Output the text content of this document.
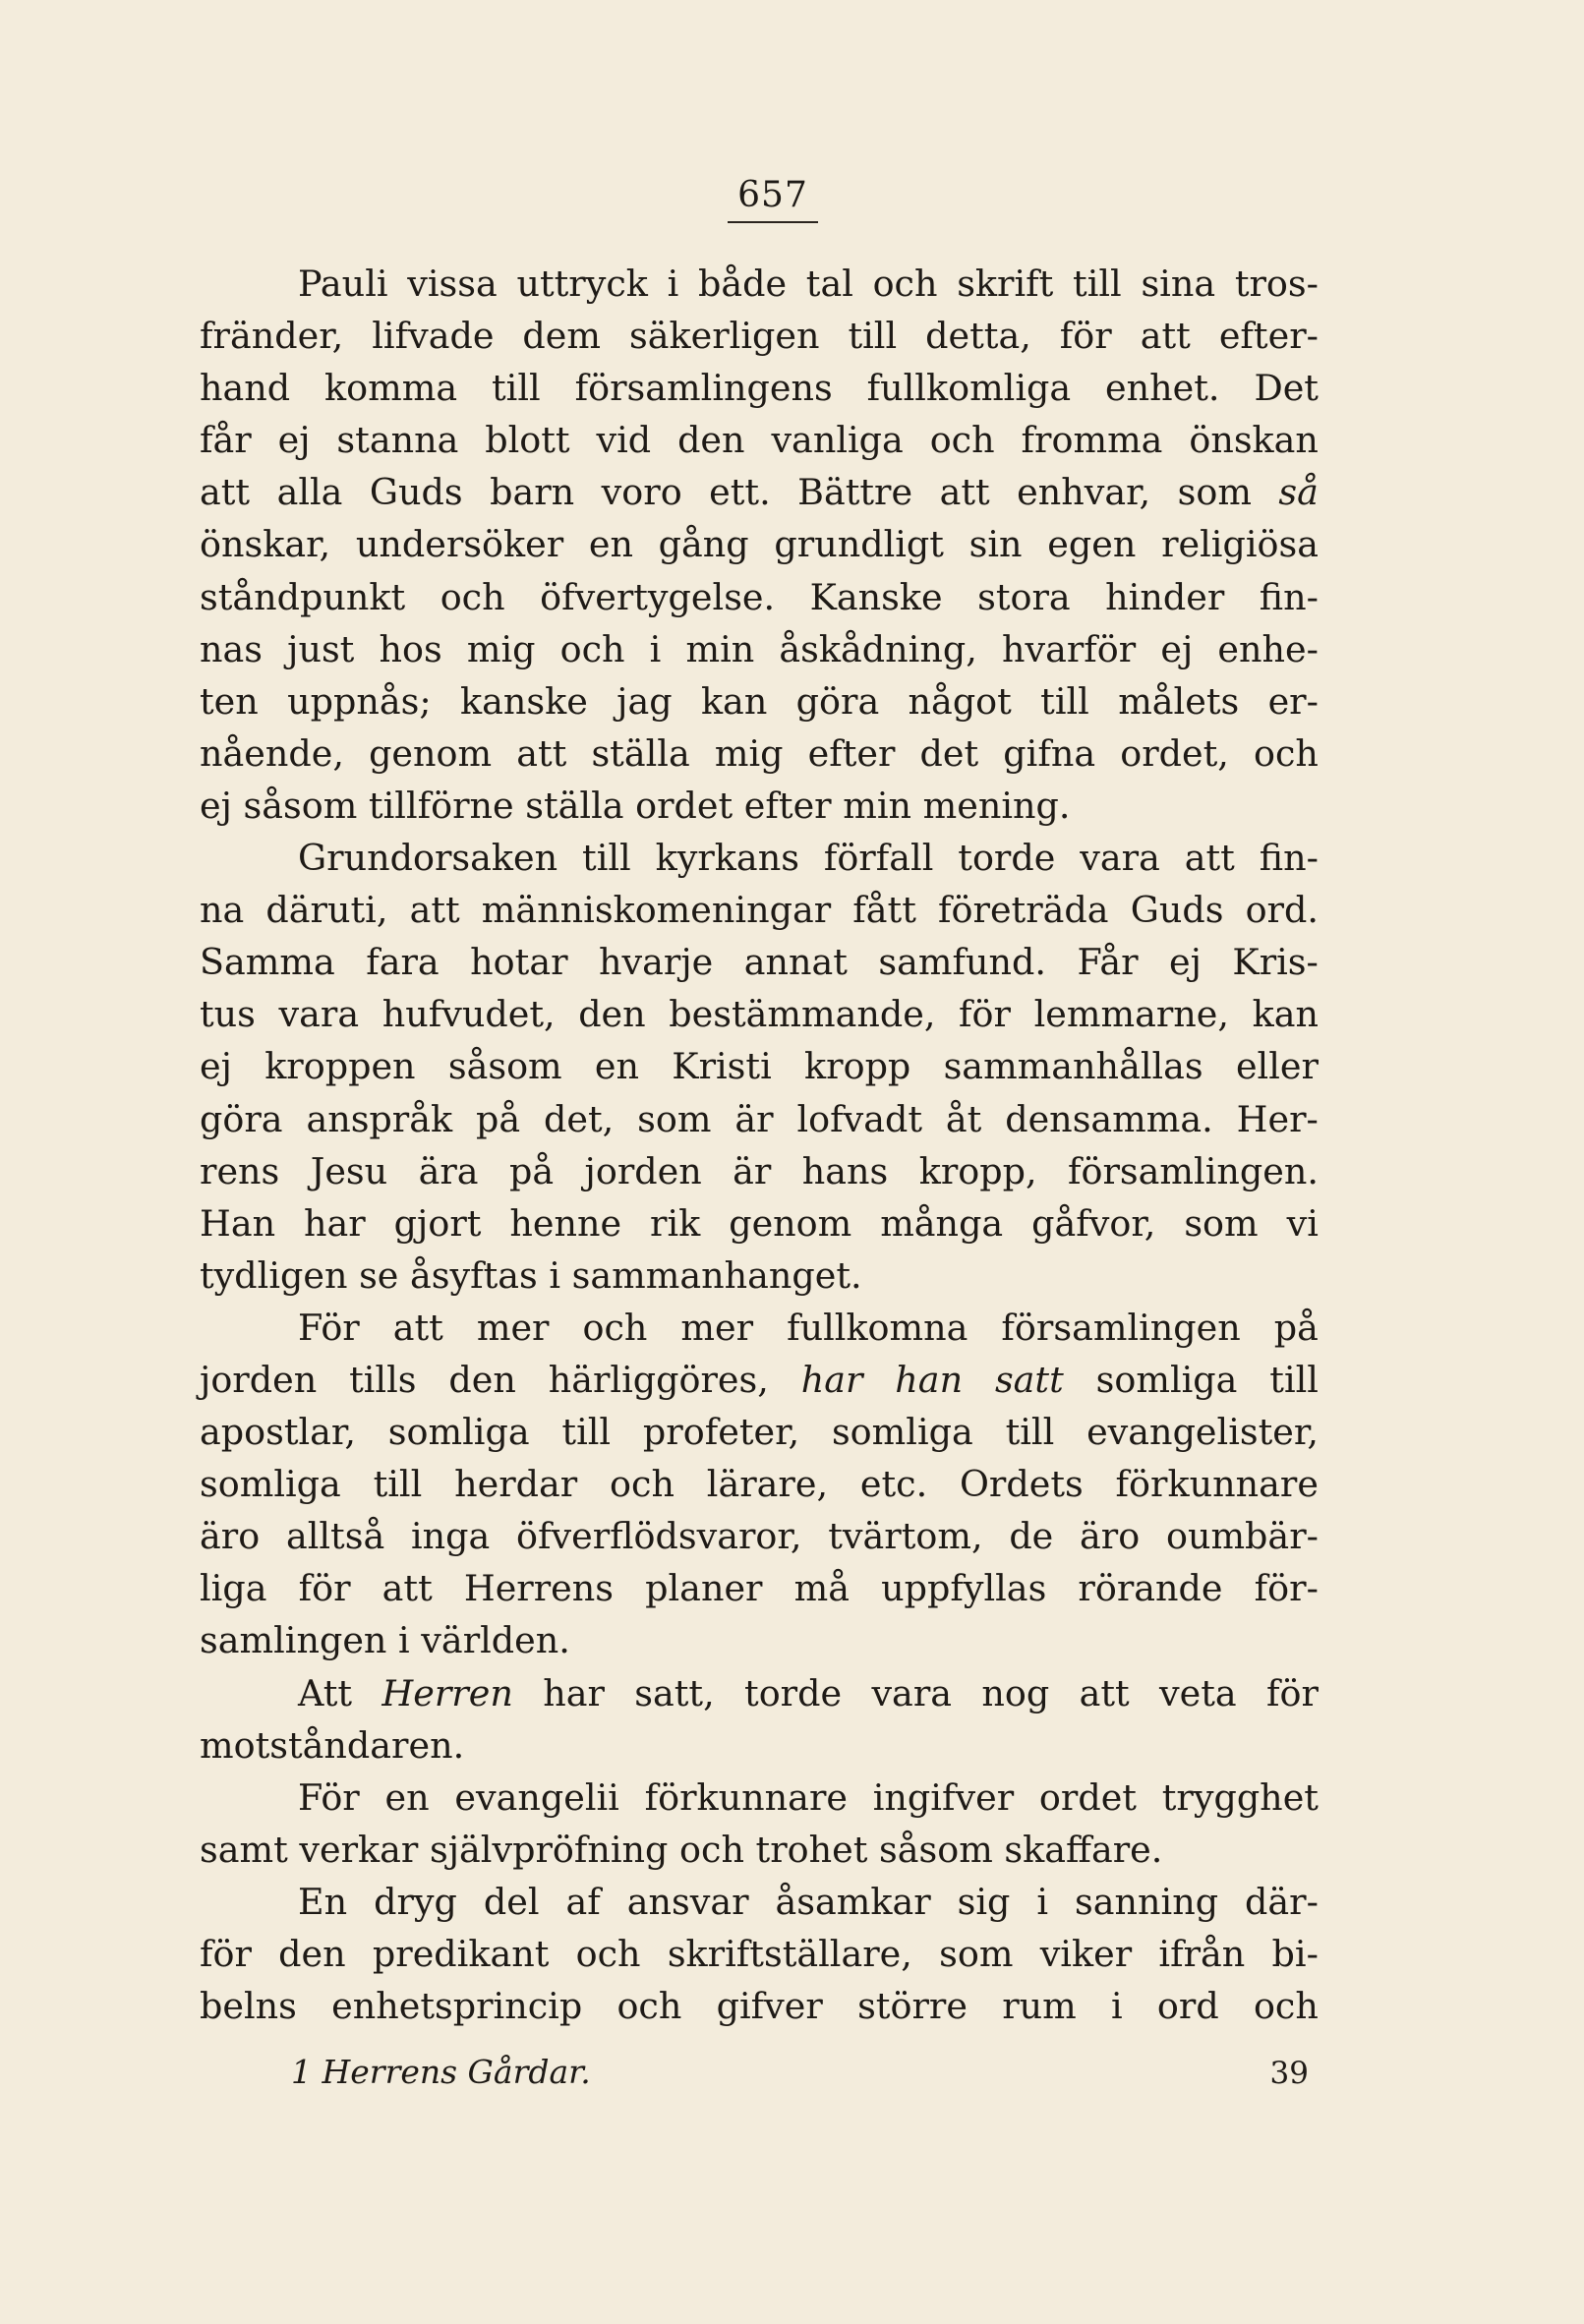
657
Pauli vissa uttryck i både tal och skrift till sina tros-
fränder, lifvade dem säkerligen till detta, för att efter-
hand komma till församlingens fullkomliga enhet. Det
får ej stanna blott vid den vanliga och fromma önskan
att alla Guds barn voro ett. Bättre att enhvar, som så
önskar, undersöker en gång grundligt sin egen religiösa
ståndpunkt och öfvertygelse. Kanske stora hinder fin-
nas just hos mig och i min åskådning, hvarför ej enhe-
ten uppnås; kanske jag kan göra något till målets er-
nående, genom att ställa mig efter det gifna ordet, och
ej såsom tillförne ställa ordet efter min mening.
Grundorsaken till kyrkans förfall torde vara att fin-
na däruti, att människomeningar fått företräda Guds ord.
Samma fara hotar hvarje annat samfund. Får ej Kris-
tus vara hufvudet, den bestämmande, för lemmarne, kan
ej kroppen såsom en Kristi kropp sammanhållas eller
göra anspråk på det, som är lofvadt åt densamma. Her-
rens Jesu ära på jorden är hans kropp, församlingen.
Han har gjort henne rik genom många gåfvor, som vi
tydligen se åsyftas i sammanhanget.
För att mer och mer fullkomna församlingen på
jorden tills den härliggöres, har han satt somliga till
apostlar, somliga till profeter, somliga till evangelister,
somliga till herdar och lärare, etc. Ordets förkunnare
äro alltså inga öfverflödsvaror, tvärtom, de äro oumbär-
liga för att Herrens planer må uppfyllas rörande för-
samlingen i världen.
Att Herren har satt, torde vara nog att veta för
motståndaren.
För en evangelii förkunnare ingifver ordet trygghet
samt verkar självpröfning och trohet såsom skaffare.
En dryg del af ansvar åsamkar sig i sanning där-
för den predikant och skriftställare, som viker ifrån bi-
belns enhetsprincip och gifver större rum i ord och
1 Herrens Gårdar.	39
